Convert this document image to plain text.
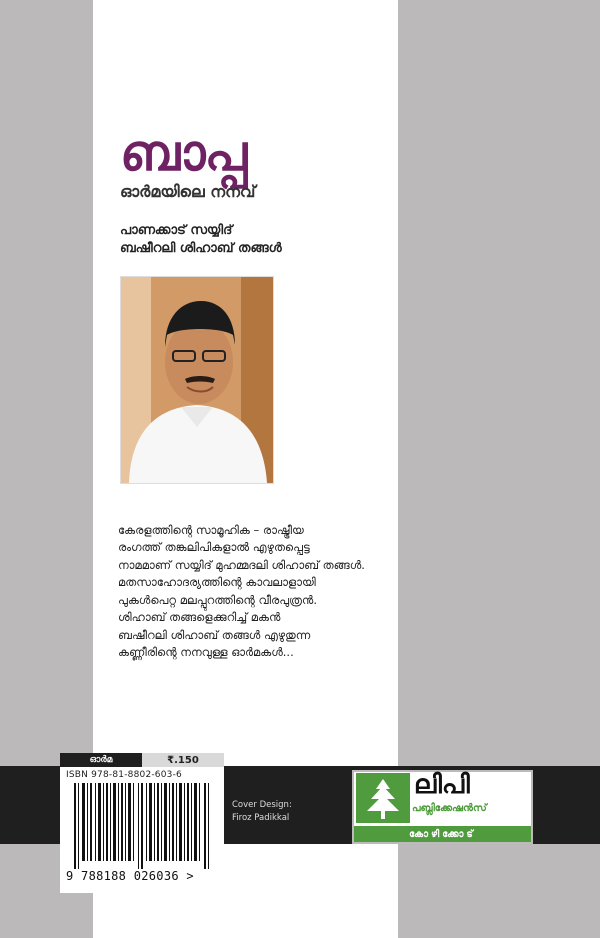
ബാപ്പ
ഓർമയിലെ നനവ്
പാണക്കാട് സയ്യിദ്
ബഷീറലി ശിഹാബ് തങ്ങൾ

കേരളത്തിന്റെ സാമൂഹിക – രാഷ്ട്രീയ

രംഗത്ത് തങ്കലിപികളാൽ എഴുതപ്പെട്ട

നാമമാണ് സയ്യിദ് മുഹമ്മദലി ശിഹാബ് തങ്ങൾ.

മതസാഹോദര്യത്തിന്റെ കാവലാളായി

പുകൾപെറ്റ മലപ്പുറത്തിന്റെ വീരപുത്രൻ.

ശിഹാബ് തങ്ങളെക്കുറിച്ച് മകൻ

ബഷീറലി ശിഹാബ് തങ്ങൾ എഴുതുന്ന

കണ്ണീരിന്റെ നനവുള്ള ഓർമകൾ...

ഓർമ	₹.150
ISBN 978-81-8802-603-6
9 788188 026036 >
Cover Design:
Firoz Padikkal
ലിപി
പബ്ലിക്കേഷൻസ്
കോഴിക്കോട്
